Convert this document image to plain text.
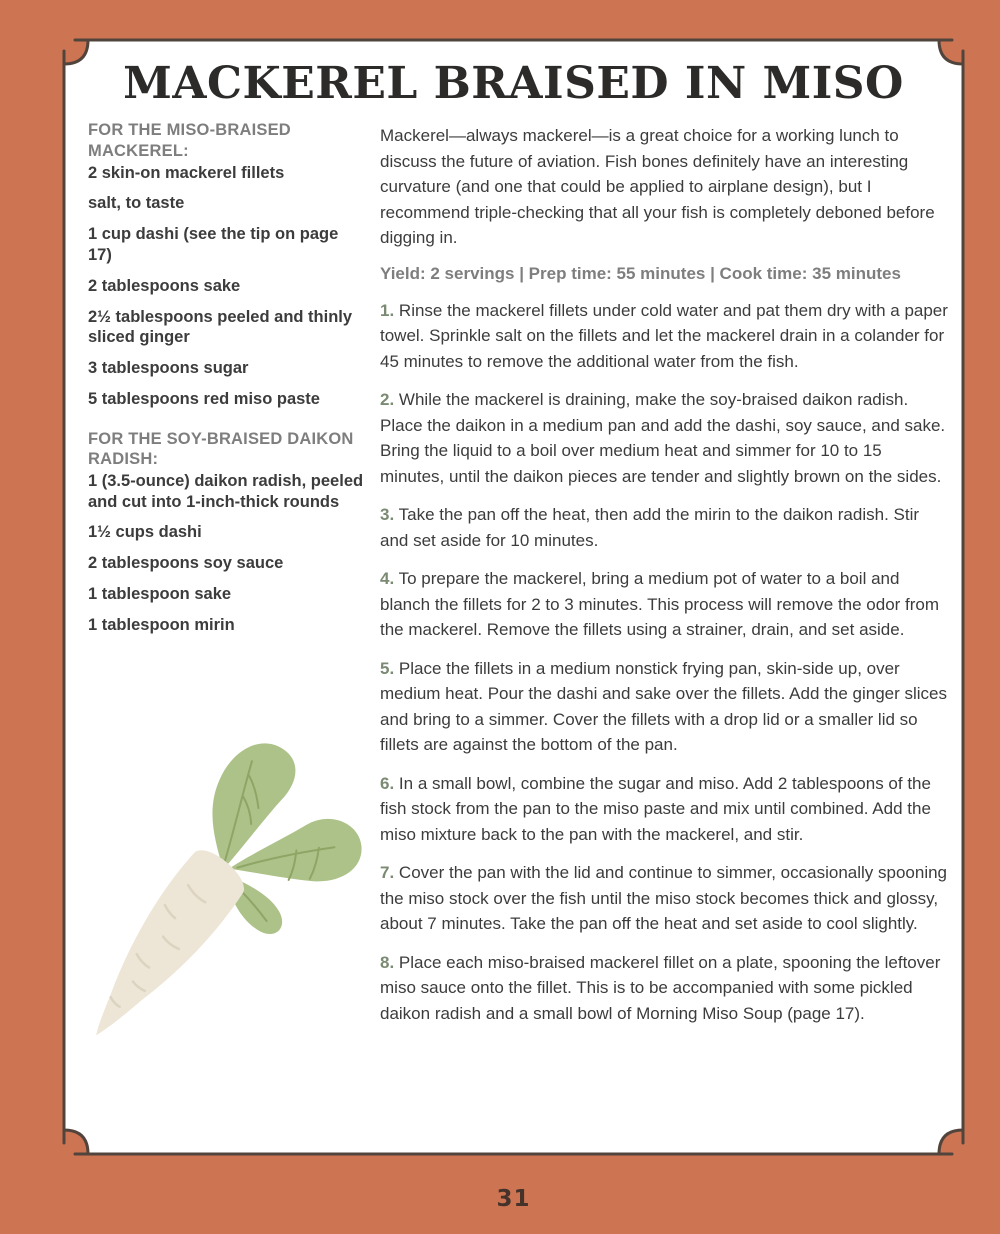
MACKEREL BRAISED IN MISO
FOR THE MISO-BRAISED MACKEREL:
2 skin-on mackerel fillets
salt, to taste
1 cup dashi (see the tip on page 17)
2 tablespoons sake
2½ tablespoons peeled and thinly sliced ginger
3 tablespoons sugar
5 tablespoons red miso paste
FOR THE SOY-BRAISED DAIKON RADISH:
1 (3.5-ounce) daikon radish, peeled and cut into 1-inch-thick rounds
1½ cups dashi
2 tablespoons soy sauce
1 tablespoon sake
1 tablespoon mirin

Mackerel—always mackerel—is a great choice for a working lunch to discuss the future of aviation. Fish bones definitely have an interesting curvature (and one that could be applied to airplane design), but I recommend triple-checking that all your fish is completely deboned before digging in.

Yield: 2 servings | Prep time: 55 minutes | Cook time: 35 minutes

1. Rinse the mackerel fillets under cold water and pat them dry with a paper towel. Sprinkle salt on the fillets and let the mackerel drain in a colander for 45 minutes to remove the additional water from the fish.

2. While the mackerel is draining, make the soy-braised daikon radish. Place the daikon in a medium pan and add the dashi, soy sauce, and sake. Bring the liquid to a boil over medium heat and simmer for 10 to 15 minutes, until the daikon pieces are tender and slightly brown on the sides.

3. Take the pan off the heat, then add the mirin to the daikon radish. Stir and set aside for 10 minutes.

4. To prepare the mackerel, bring a medium pot of water to a boil and blanch the fillets for 2 to 3 minutes. This process will remove the odor from the mackerel. Remove the fillets using a strainer, drain, and set aside.

5. Place the fillets in a medium nonstick frying pan, skin-side up, over medium heat. Pour the dashi and sake over the fillets. Add the ginger slices and bring to a simmer. Cover the fillets with a drop lid or a smaller lid so fillets are against the bottom of the pan.

6. In a small bowl, combine the sugar and miso. Add 2 tablespoons of the fish stock from the pan to the miso paste and mix until combined. Add the miso mixture back to the pan with the mackerel, and stir.

7. Cover the pan with the lid and continue to simmer, occasionally spooning the miso stock over the fish until the miso stock becomes thick and glossy, about 7 minutes. Take the pan off the heat and set aside to cool slightly.

8. Place each miso-braised mackerel fillet on a plate, spooning the leftover miso sauce onto the fillet. This is to be accompanied with some pickled daikon radish and a small bowl of Morning Miso Soup (page 17).

31
